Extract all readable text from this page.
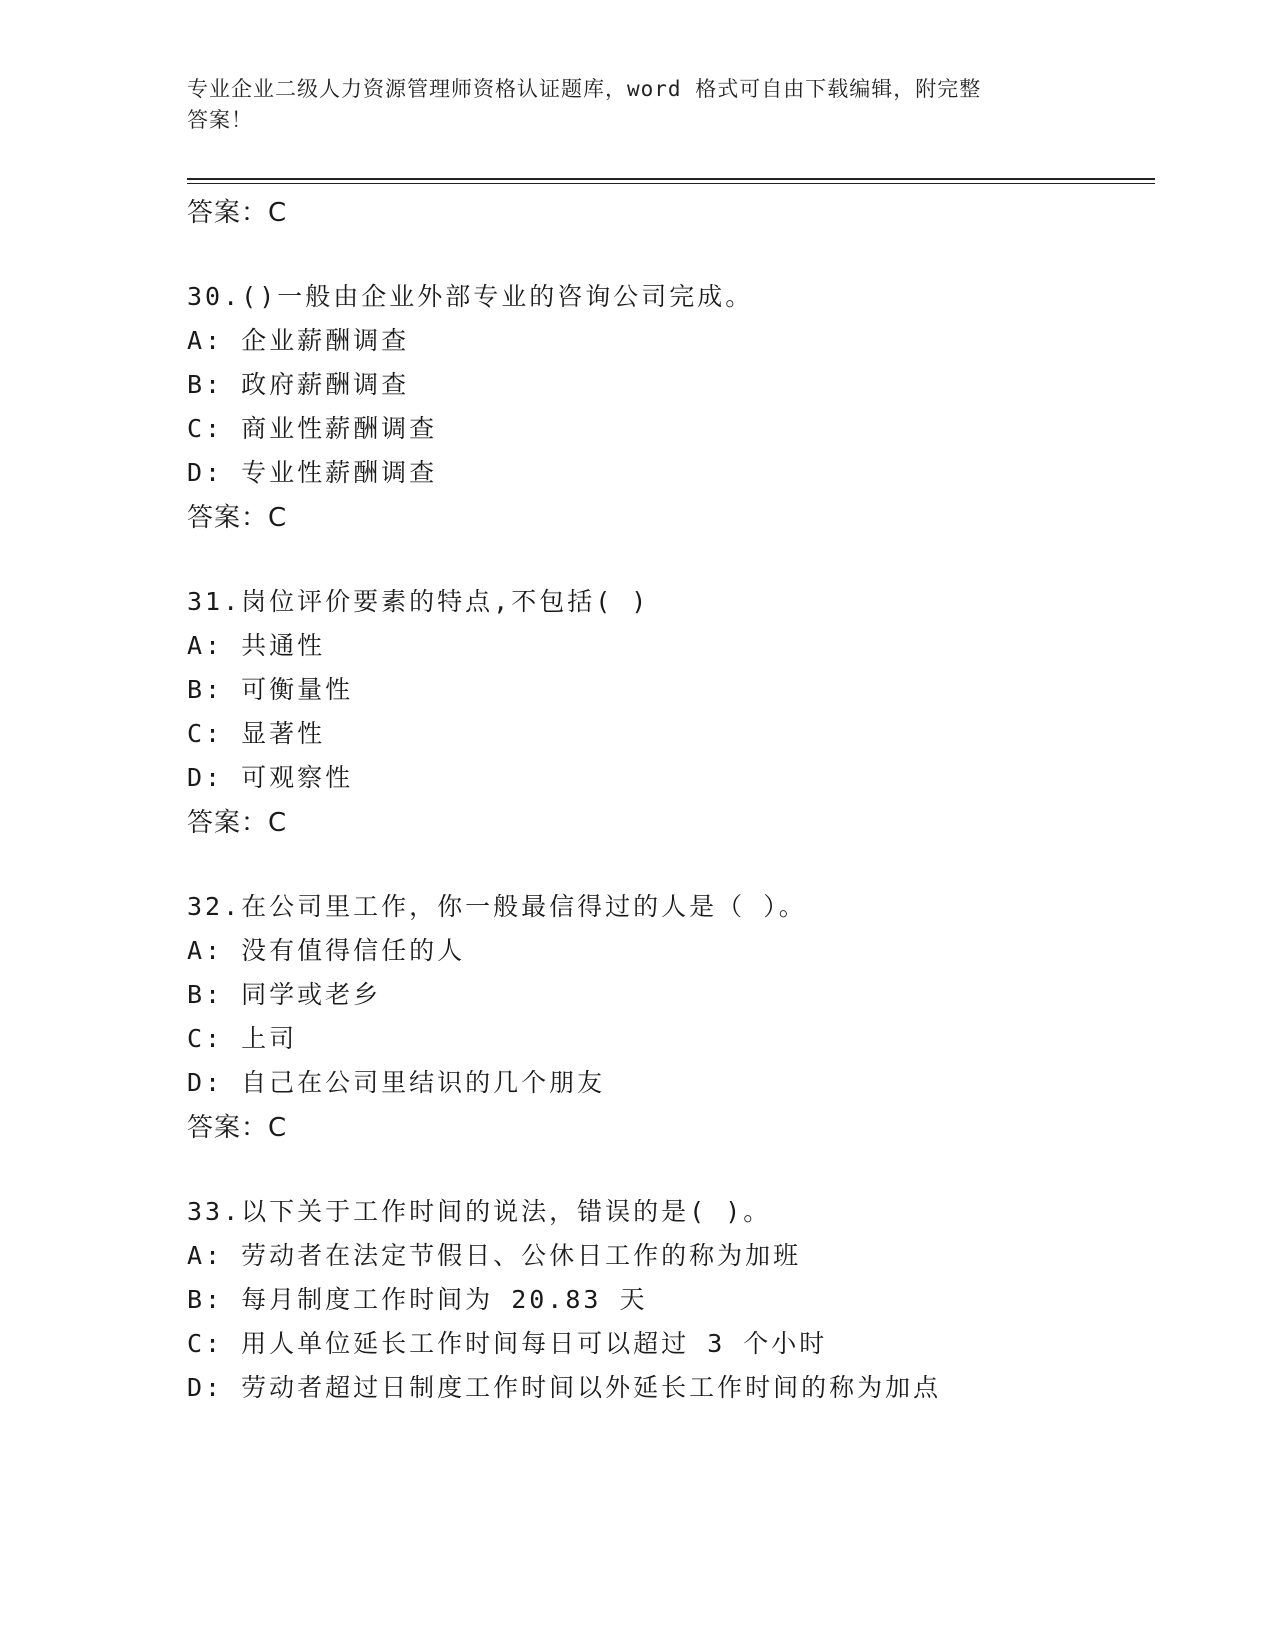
专业企业二级人力资源管理师资格认证题库，word 格式可自由下载编辑，附完整
答案！
答案：C
30.()一般由企业外部专业的咨询公司完成。
A: 企业薪酬调查
B: 政府薪酬调查
C: 商业性薪酬调查
D: 专业性薪酬调查
答案：C
31.岗位评价要素的特点,不包括( )
A: 共通性
B: 可衡量性
C: 显著性
D: 可观察性
答案：C
32.在公司里工作，你一般最信得过的人是（ ）。
A: 没有值得信任的人
B: 同学或老乡
C: 上司
D: 自己在公司里结识的几个朋友
答案：C
33.以下关于工作时间的说法，错误的是( )。
A: 劳动者在法定节假日、公休日工作的称为加班
B: 每月制度工作时间为 20.83 天
C: 用人单位延长工作时间每日可以超过 3 个小时
D: 劳动者超过日制度工作时间以外延长工作时间的称为加点
